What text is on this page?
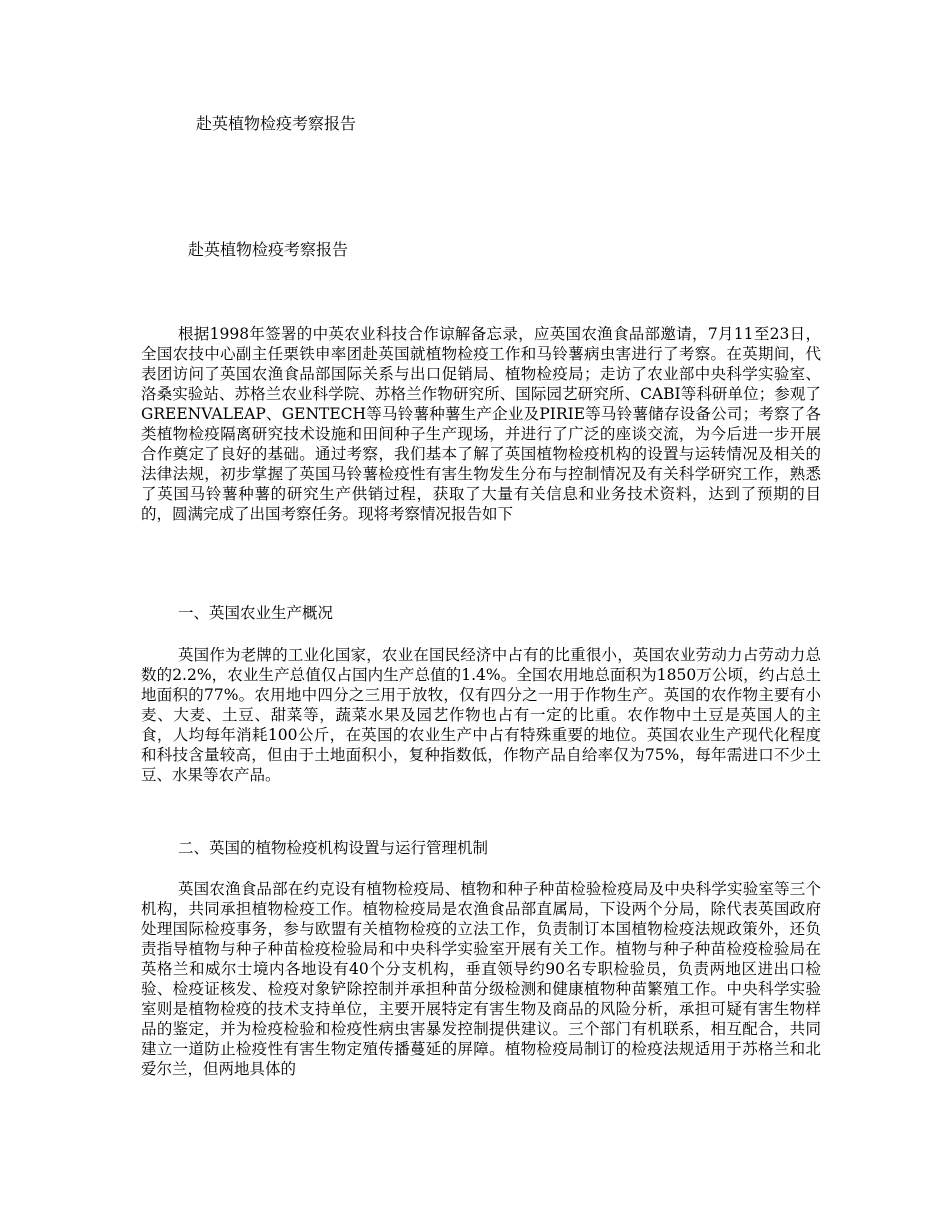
赴英植物检疫考察报告
赴英植物检疫考察报告

根据1998年签署的中英农业科技合作谅解备忘录，应英国农渔食品部邀请，7月11至23日，全国农技中心副主任栗铁申率团赴英国就植物检疫工作和马铃薯病虫害进行了考察。在英期间，代表团访问了英国农渔食品部国际关系与出口促销局、植物检疫局；走访了农业部中央科学实验室、洛桑实验站、苏格兰农业科学院、苏格兰作物研究所、国际园艺研究所、CABI等科研单位；参观了GREENVALEAP、GENTECH等马铃薯种薯生产企业及PIRIE等马铃薯储存设备公司；考察了各类植物检疫隔离研究技术设施和田间种子生产现场，并进行了广泛的座谈交流，为今后进一步开展合作奠定了良好的基础。通过考察，我们基本了解了英国植物检疫机构的设置与运转情况及相关的法律法规，初步掌握了英国马铃薯检疫性有害生物发生分布与控制情况及有关科学研究工作，熟悉了英国马铃薯种薯的研究生产供销过程，获取了大量有关信息和业务技术资料，达到了预期的目的，圆满完成了出国考察任务。现将考察情况报告如下

一、英国农业生产概况

英国作为老牌的工业化国家，农业在国民经济中占有的比重很小，英国农业劳动力占劳动力总数的2.2%，农业生产总值仅占国内生产总值的1.4%。全国农用地总面积为1850万公顷，约占总土地面积的77%。农用地中四分之三用于放牧，仅有四分之一用于作物生产。英国的农作物主要有小麦、大麦、土豆、甜菜等，蔬菜水果及园艺作物也占有一定的比重。农作物中土豆是英国人的主食，人均每年消耗100公斤，在英国的农业生产中占有特殊重要的地位。英国农业生产现代化程度和科技含量较高，但由于土地面积小，复种指数低，作物产品自给率仅为75%，每年需进口不少土豆、水果等农产品。

二、英国的植物检疫机构设置与运行管理机制

英国农渔食品部在约克设有植物检疫局、植物和种子种苗检验检疫局及中央科学实验室等三个机构，共同承担植物检疫工作。植物检疫局是农渔食品部直属局，下设两个分局，除代表英国政府处理国际检疫事务，参与欧盟有关植物检疫的立法工作，负责制订本国植物检疫法规政策外，还负责指导植物与种子种苗检疫检验局和中央科学实验室开展有关工作。植物与种子种苗检疫检验局在英格兰和威尔士境内各地设有40个分支机构，垂直领导约90名专职检验员，负责两地区进出口检验、检疫证核发、检疫对象铲除控制并承担种苗分级检测和健康植物种苗繁殖工作。中央科学实验室则是植物检疫的技术支持单位，主要开展特定有害生物及商品的风险分析，承担可疑有害生物样品的鉴定，并为检疫检验和检疫性病虫害暴发控制提供建议。三个部门有机联系，相互配合，共同建立一道防止检疫性有害生物定殖传播蔓延的屏障。植物检疫局制订的检疫法规适用于苏格兰和北爱尔兰，但两地具体的
